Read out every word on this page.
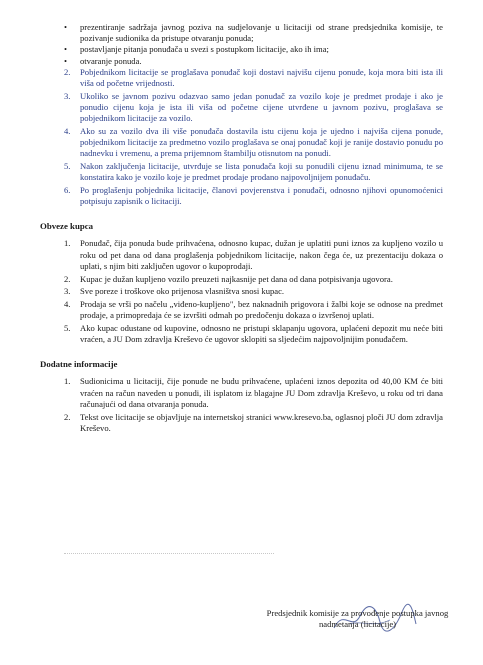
• prezentiranje sadržaja javnog poziva na sudjelovanje u licitaciji od strane predsjednika komisije, te pozivanje sudionika da pristupe otvaranju ponuda;
• postavljanje pitanja ponuđača u svezi s postupkom licitacije, ako ih ima;
• otvaranje ponuda.
2. Pobjednikom licitacije se proglašava ponuđač koji dostavi najvišu cijenu ponude, koja mora biti ista ili viša od početne vrijednosti.
3. Ukoliko se javnom pozivu odazvao samo jedan ponuđač za vozilo koje je predmet prodaje i ako je ponudio cijenu koja je ista ili viša od početne cijene utvrđene u javnom pozivu, proglašava se pobjednikom licitacije za vozilo.
4. Ako su za vozilo dva ili više ponuđača dostavila istu cijenu koja je ujedno i najviša cijena ponude, pobjednikom licitacije za predmetno vozilo proglašava se onaj ponuđač koji je ranije dostavio ponudu po nadnevku i vremenu, a prema prijemnom štambilju otisnutom na ponudi.
5. Nakon zaključenja licitacije, utvrđuje se lista ponuđača koji su ponudili cijenu iznad minimuma, te se konstatira kako je vozilo koje je predmet prodaje prodano najpovoljnijem ponuđaču.
6. Po proglašenju pobjednika licitacije, članovi povjerenstva i ponuđači, odnosno njihovi opunomoćenici potpisuju zapisnik o licitaciji.
Obveze kupca
1. Ponuđač, čija ponuda bude prihvaćena, odnosno kupac, dužan je uplatiti puni iznos za kupljeno vozilo u roku od pet dana od dana proglašenja pobjednikom licitacije, nakon čega će, uz prezentaciju dokaza o uplati, s njim biti zaključen ugovor o kupoprodaji.
2. Kupac je dužan kupljeno vozilo preuzeti najkasnije pet dana od dana potpisivanja ugovora.
3. Sve poreze i troškove oko prijenosa vlasništva snosi kupac.
4. Prodaja se vrši po načelu „viđeno-kupljeno", bez naknadnih prigovora i žalbi koje se odnose na predmet prodaje, a primopredaja će se izvršiti odmah po predočenju dokaza o izvršenoj uplati.
5. Ako kupac odustane od kupovine, odnosno ne pristupi sklapanju ugovora, uplaćeni depozit mu neće biti vraćen, a JU Dom zdravlja Kreševo će ugovor sklopiti sa sljedećim najpovoljnijim ponuđačem.
Dodatne informacije
1. Sudionicima u licitaciji, čije ponude ne budu prihvaćene, uplaćeni iznos depozita od 40,00 KM će biti vraćen na račun naveden u ponudi, ili isplatom iz blagajne JU Dom zdravlja Kreševo, u roku od tri dana računajući od dana otvaranja ponuda.
2. Tekst ove licitacije se objavljuje na internetskoj stranici www.kresevo.ba, oglasnoj ploči JU dom zdravlja Kreševo.
Predsjednik komisije za provođenje postupka javnog
nadmetanja (licitacije)
